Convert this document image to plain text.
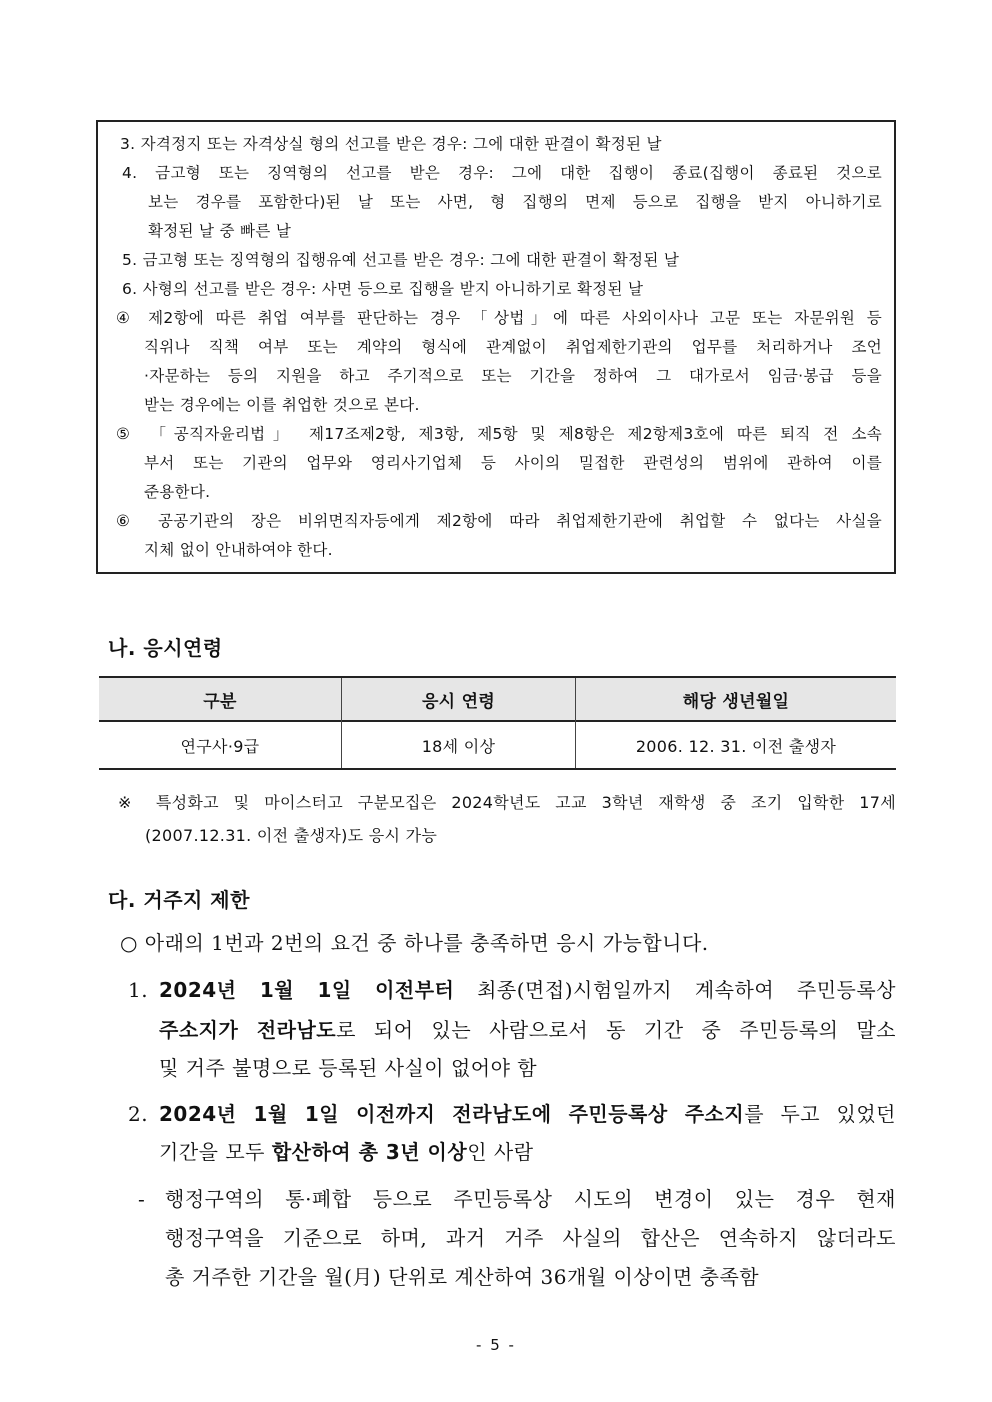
3. 자격정지 또는 자격상실 형의 선고를 받은 경우: 그에 대한 판결이 확정된 날
4. 금고형 또는 징역형의 선고를 받은 경우: 그에 대한 집행이 종료(집행이 종료된 것으로
보는 경우를 포함한다)된 날 또는 사면, 형 집행의 면제 등으로 집행을 받지 아니하기로
확정된 날 중 빠른 날
5. 금고형 또는 징역형의 집행유예 선고를 받은 경우: 그에 대한 판결이 확정된 날
6. 사형의 선고를 받은 경우: 사면 등으로 집행을 받지 아니하기로 확정된 날
④ 제2항에 따른 취업 여부를 판단하는 경우 「상법」에 따른 사외이사나 고문 또는 자문위원 등
직위나 직책 여부 또는 계약의 형식에 관계없이 취업제한기관의 업무를 처리하거나 조언
·자문하는 등의 지원을 하고 주기적으로 또는 기간을 정하여 그 대가로서 임금·봉급 등을
받는 경우에는 이를 취업한 것으로 본다.
⑤ 「공직자윤리법」 제17조제2항, 제3항, 제5항 및 제8항은 제2항제3호에 따른 퇴직 전 소속
부서 또는 기관의 업무와 영리사기업체 등 사이의 밀접한 관련성의 범위에 관하여 이를
준용한다.
⑥ 공공기관의 장은 비위면직자등에게 제2항에 따라 취업제한기관에 취업할 수 없다는 사실을
지체 없이 안내하여야 한다.
나. 응시연령
구분	응시 연령	해당 생년월일
연구사·9급	18세 이상	2006. 12. 31. 이전 출생자
※ 특성화고 및 마이스터고 구분모집은 2024학년도 고교 3학년 재학생 중 조기 입학한 17세
(2007.12.31. 이전 출생자)도 응시 가능
다. 거주지 제한
○ 아래의 1번과 2번의 요건 중 하나를 충족하면 응시 가능합니다.
1. 2024년 1월 1일 이전부터 최종(면접)시험일까지 계속하여 주민등록상
주소지가 전라남도로 되어 있는 사람으로서 동 기간 중 주민등록의 말소
및 거주 불명으로 등록된 사실이 없어야 함
2. 2024년 1월 1일 이전까지 전라남도에 주민등록상 주소지를 두고 있었던
기간을 모두 합산하여 총 3년 이상인 사람
- 행정구역의 통·폐합 등으로 주민등록상 시도의 변경이 있는 경우 현재
행정구역을 기준으로 하며, 과거 거주 사실의 합산은 연속하지 않더라도
총 거주한 기간을 월(月) 단위로 계산하여 36개월 이상이면 충족함
- 5 -
